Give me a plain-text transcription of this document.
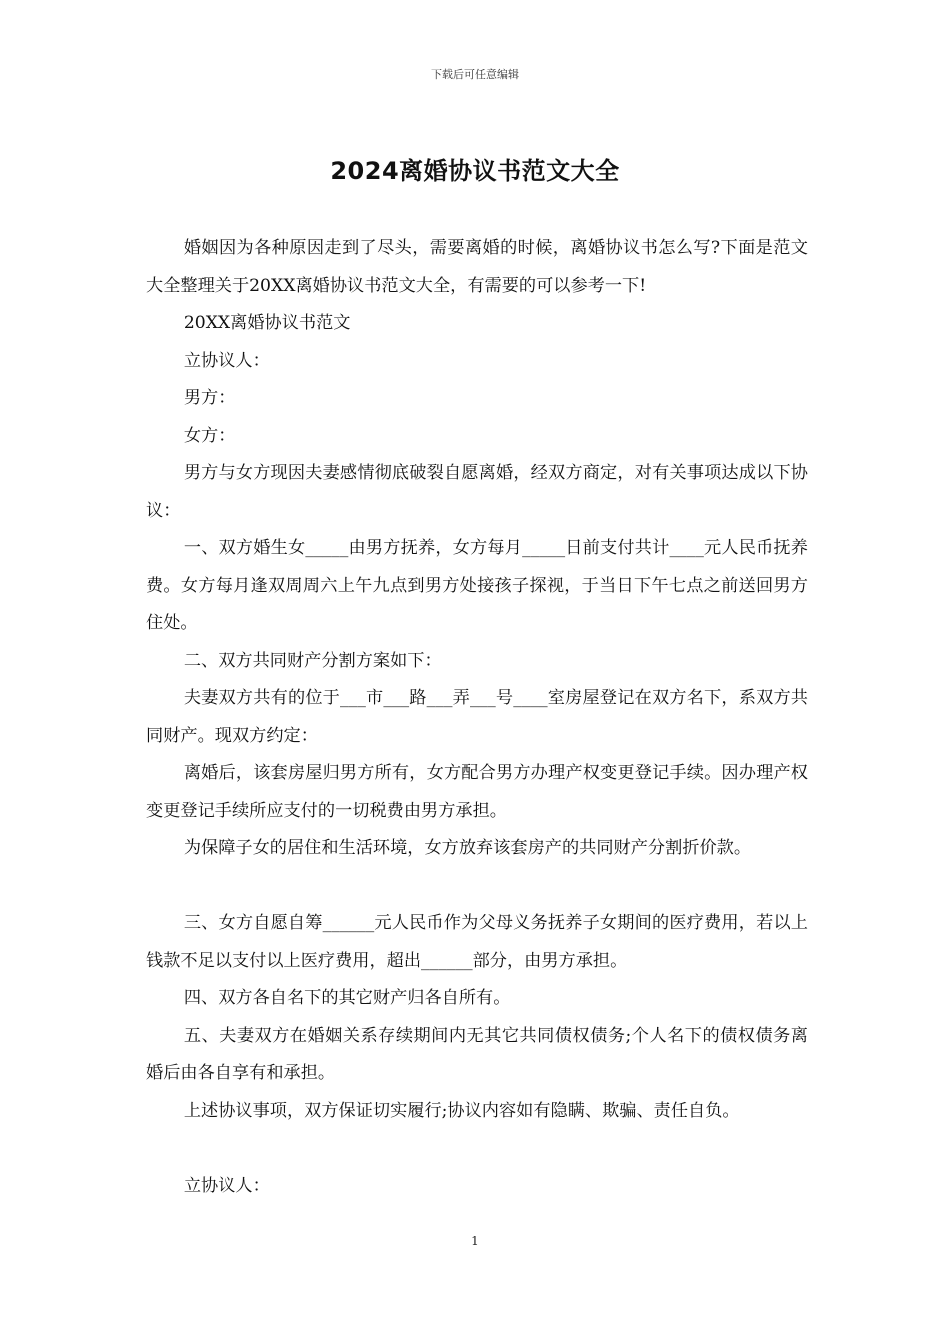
下载后可任意编辑
2024离婚协议书范文大全

婚姻因为各种原因走到了尽头，需要离婚的时候，离婚协议书怎么写?下面是范文大全整理关于20XX离婚协议书范文大全，有需要的可以参考一下!

20XX离婚协议书范文

立协议人：

男方：

女方：

男方与女方现因夫妻感情彻底破裂自愿离婚，经双方商定，对有关事项达成以下协议：

一、双方婚生女_____由男方抚养，女方每月_____日前支付共计____元人民币抚养费。女方每月逢双周周六上午九点到男方处接孩子探视，于当日下午七点之前送回男方住处。

二、双方共同财产分割方案如下：

夫妻双方共有的位于___市___路___弄___号____室房屋登记在双方名下，系双方共同财产。现双方约定：

离婚后，该套房屋归男方所有，女方配合男方办理产权变更登记手续。因办理产权变更登记手续所应支付的一切税费由男方承担。

为保障子女的居住和生活环境，女方放弃该套房产的共同财产分割折价款。

三、女方自愿自筹______元人民币作为父母义务抚养子女期间的医疗费用，若以上钱款不足以支付以上医疗费用，超出______部分，由男方承担。

四、双方各自名下的其它财产归各自所有。

五、夫妻双方在婚姻关系存续期间内无其它共同债权债务;个人名下的债权债务离婚后由各自享有和承担。

上述协议事项，双方保证切实履行;协议内容如有隐瞒、欺骗、责任自负。

立协议人：

1
